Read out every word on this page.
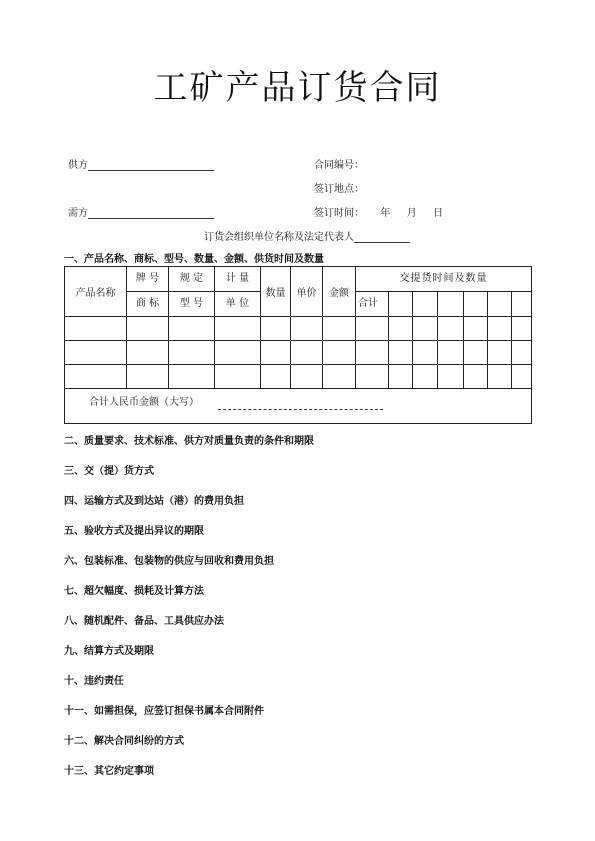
工矿产品订货合同
供方	合同编号：
签订地点：
需方	签订时间： 年 月 日
订货会组织单位名称及法定代表人
一、产品名称、商标、型号、数量、金额、供货时间及数量
产品名称	牌 号	规 定	计 量	数量	单价	金额	交提货时间及数量						
	商 标	型 号	单 位				合计						

合计人民币金额（大写）													
二、质量要求、技术标准、供方对质量负责的条件和期限
三、交（提）货方式
四、运输方式及到达站（港）的费用负担
五、验收方式及提出异议的期限
六、包装标准、包装物的供应与回收和费用负担
七、超欠幅度、损耗及计算方法
八、随机配件、备品、工具供应办法
九、结算方式及期限
十、违约责任
十一、如需担保，应签订担保书属本合同附件
十二、解决合同纠纷的方式
十三、其它约定事项
